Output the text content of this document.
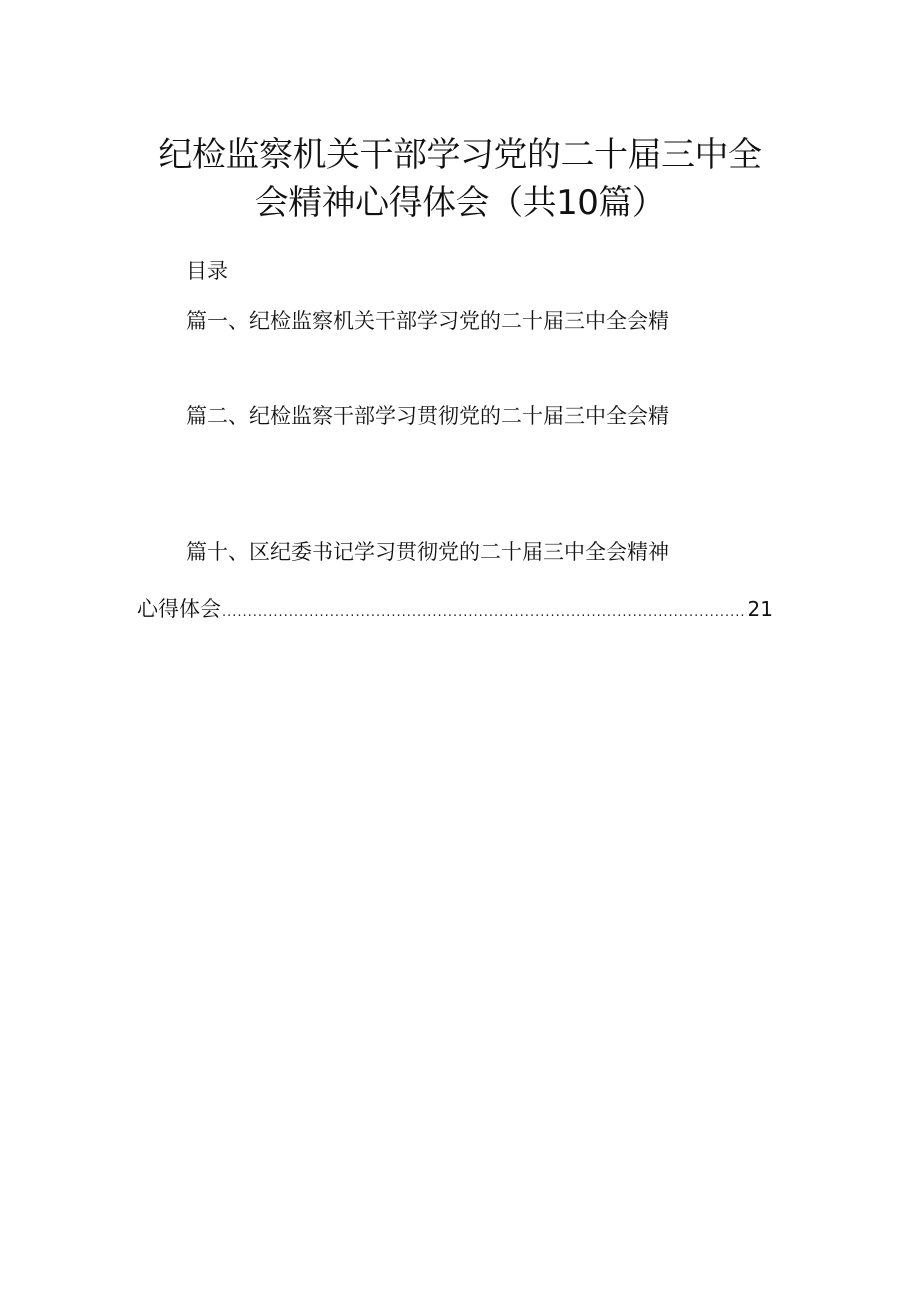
纪检监察机关干部学习党的二十届三中全
会精神心得体会（共10篇）
目录
篇一、纪检监察机关干部学习党的二十届三中全会精
篇二、纪检监察干部学习贯彻党的二十届三中全会精
篇十、区纪委书记学习贯彻党的二十届三中全会精神
心得体会
.....	21
